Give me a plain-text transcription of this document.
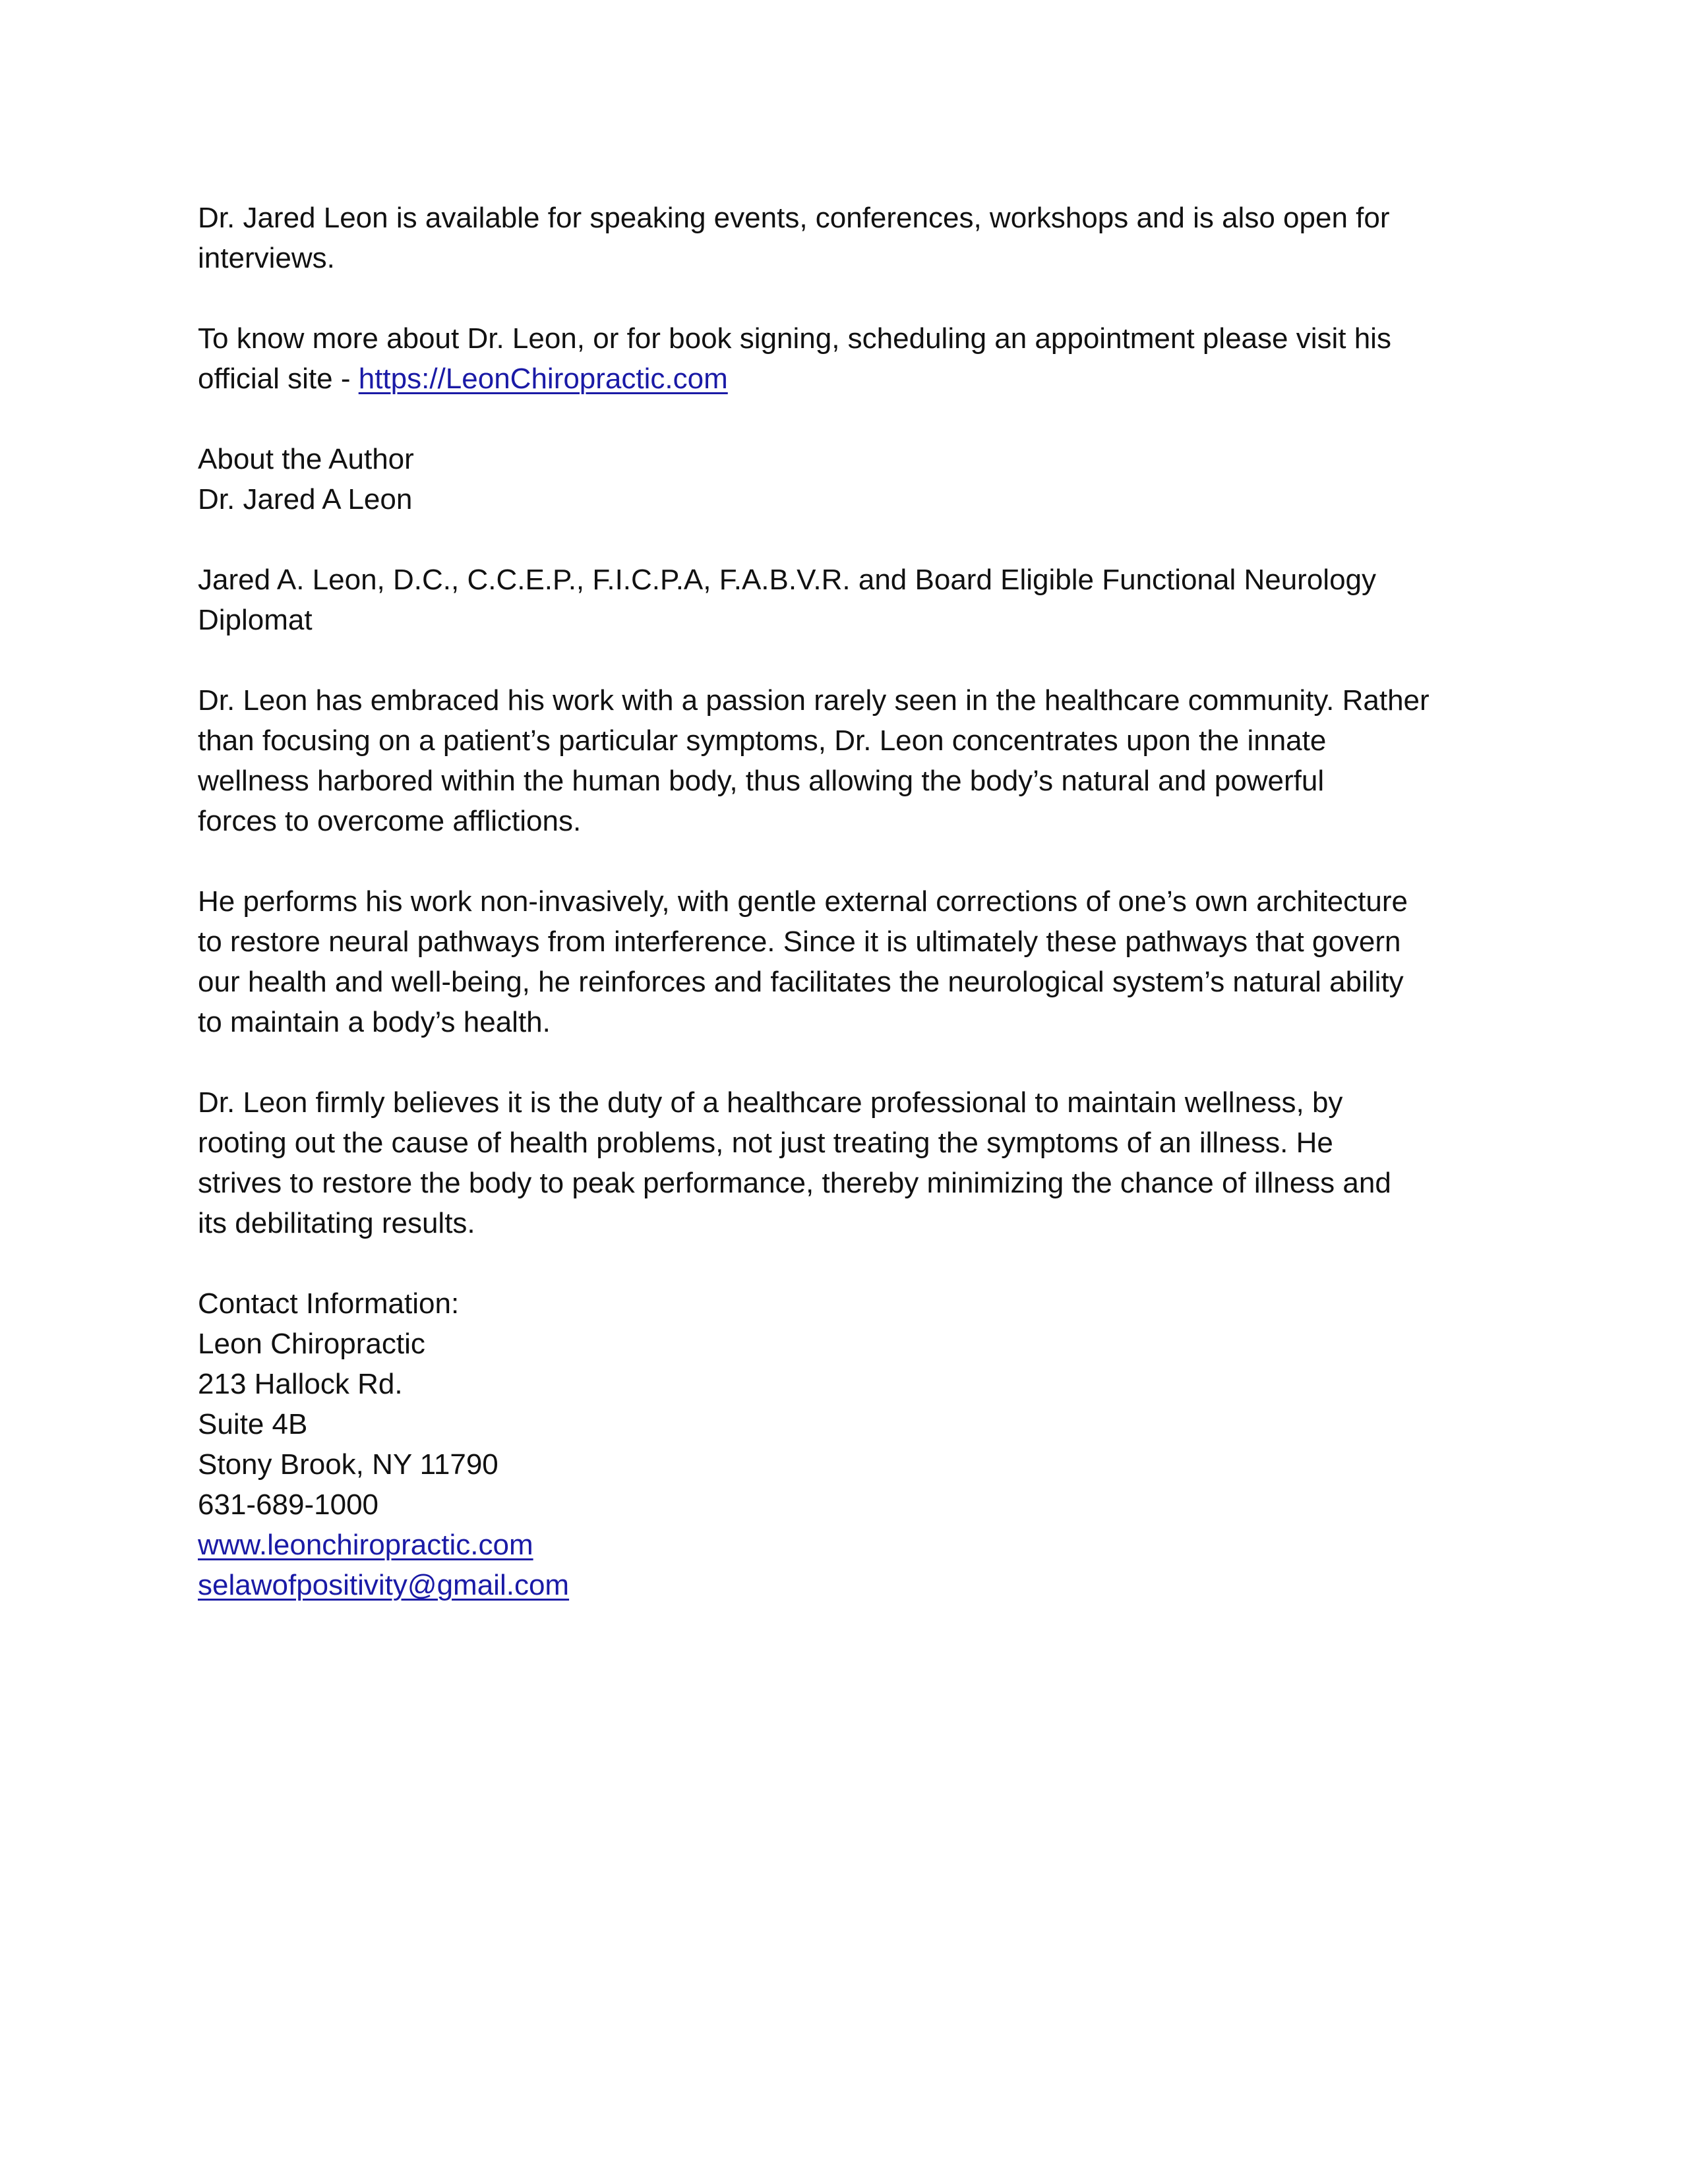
Dr. Jared Leon is available for speaking events, conferences, workshops and is also open for
interviews.
To know more about Dr. Leon, or for book signing, scheduling an appointment please visit his
official site - https://LeonChiropractic.com
About the Author
Dr. Jared A Leon
Jared A. Leon, D.C., C.C.E.P., F.I.C.P.A, F.A.B.V.R. and Board Eligible Functional Neurology
Diplomat
Dr. Leon has embraced his work with a passion rarely seen in the healthcare community. Rather
than focusing on a patient’s particular symptoms, Dr. Leon concentrates upon the innate
wellness harbored within the human body, thus allowing the body’s natural and powerful
forces to overcome afflictions.
He performs his work non-invasively, with gentle external corrections of one’s own architecture
to restore neural pathways from interference. Since it is ultimately these pathways that govern
our health and well-being, he reinforces and facilitates the neurological system’s natural ability
to maintain a body’s health.
Dr. Leon firmly believes it is the duty of a healthcare professional to maintain wellness, by
rooting out the cause of health problems, not just treating the symptoms of an illness. He
strives to restore the body to peak performance, thereby minimizing the chance of illness and
its debilitating results.
Contact Information:
Leon Chiropractic
213 Hallock Rd.
Suite 4B
Stony Brook, NY 11790
631-689-1000
www.leonchiropractic.com
selawofpositivity@gmail.com
